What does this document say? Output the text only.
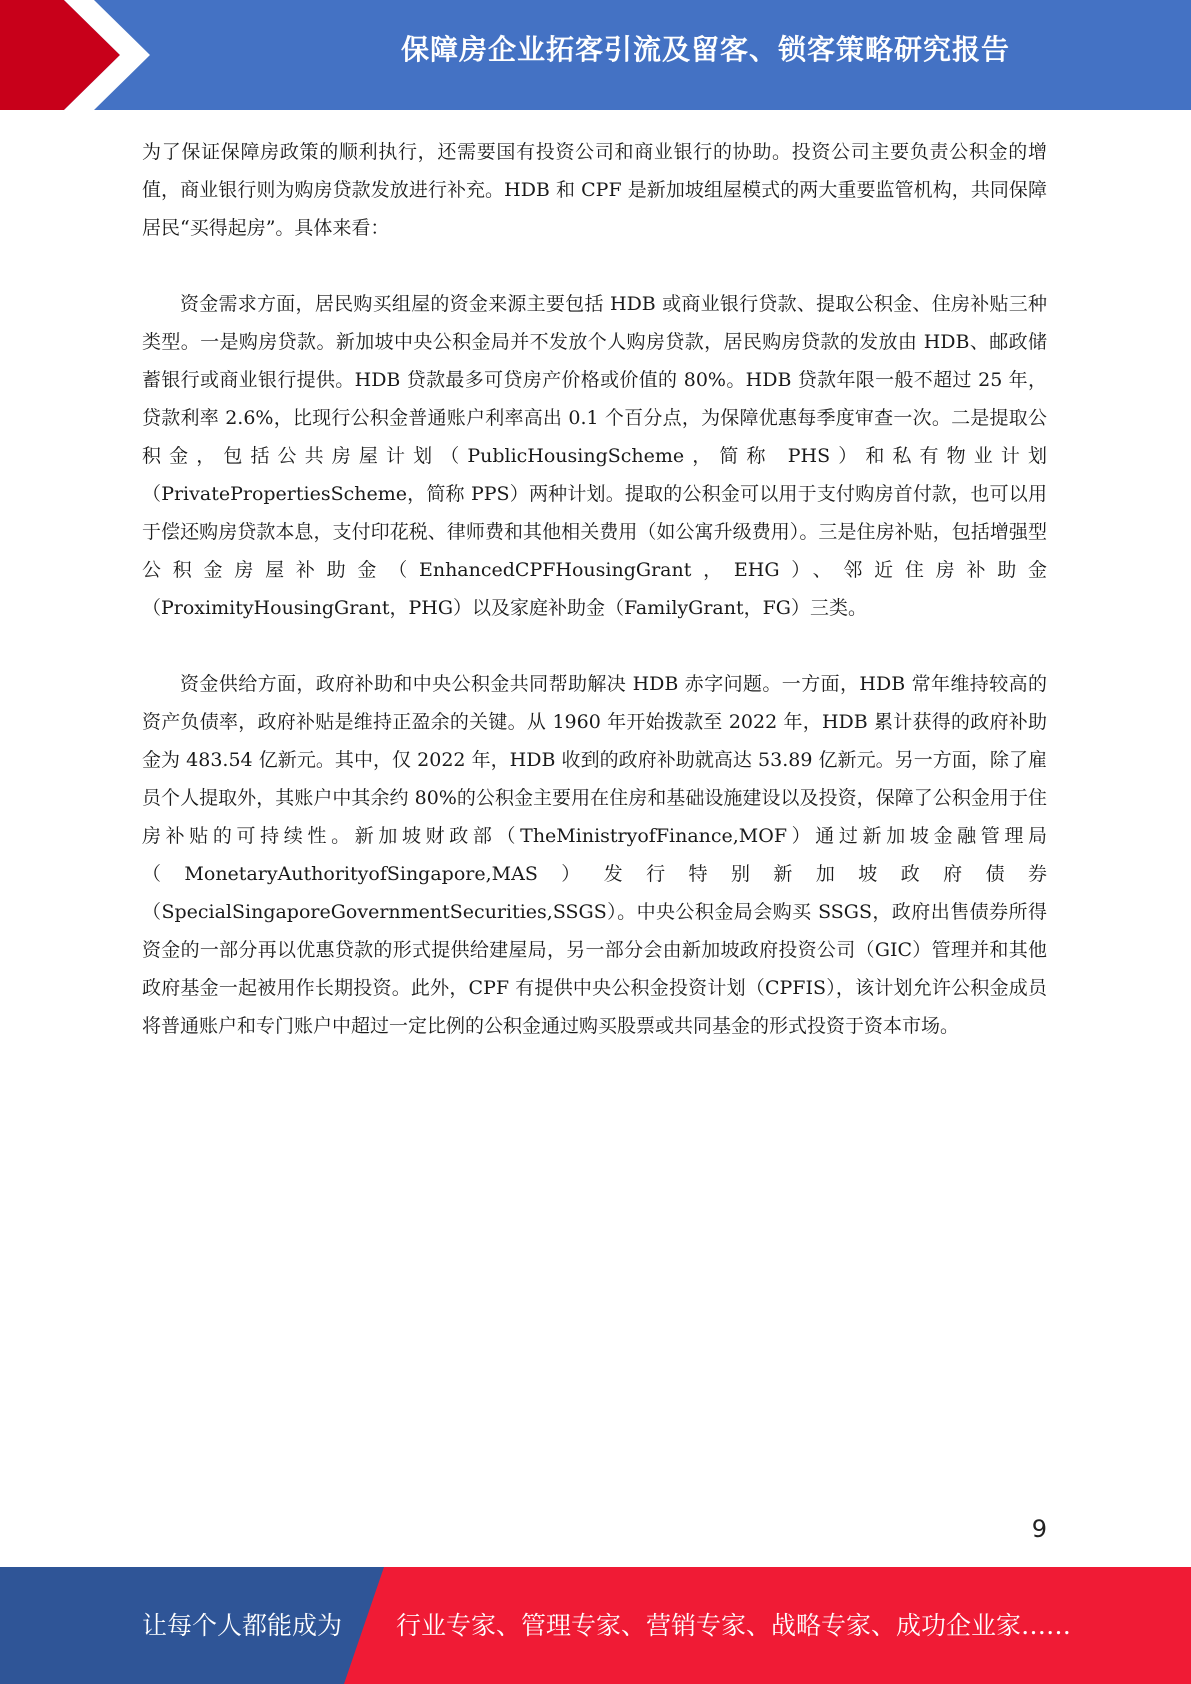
保障房企业拓客引流及留客、锁客策略研究报告

为了保证保障房政策的顺利执行，还需要国有投资公司和商业银行的协助。投资公司主要负责公积金的增值，商业银行则为购房贷款发放进行补充。HDB 和 CPF 是新加坡组屋模式的两大重要监管机构，共同保障居民“买得起房”。具体来看：

资金需求方面，居民购买组屋的资金来源主要包括 HDB 或商业银行贷款、提取公积金、住房补贴三种类型。一是购房贷款。新加坡中央公积金局并不发放个人购房贷款，居民购房贷款的发放由 HDB、邮政储蓄银行或商业银行提供。HDB 贷款最多可贷房产价格或价值的 80%。HDB 贷款年限一般不超过 25 年，贷款利率 2.6%，比现行公积金普通账户利率高出 0.1 个百分点，为保障优惠每季度审查一次。二是提取公积金，包括公共房屋计划（PublicHousingScheme，简称 PHS）和私有物业计划（PrivatePropertiesScheme，简称 PPS）两种计划。提取的公积金可以用于支付购房首付款，也可以用于偿还购房贷款本息，支付印花税、律师费和其他相关费用（如公寓升级费用）。三是住房补贴，包括增强型公积金房屋补助金（EnhancedCPFHousingGrant，EHG）、邻近住房补助金（ProximityHousingGrant，PHG）以及家庭补助金（FamilyGrant，FG）三类。

资金供给方面，政府补助和中央公积金共同帮助解决 HDB 赤字问题。一方面，HDB 常年维持较高的资产负债率，政府补贴是维持正盈余的关键。从 1960 年开始拨款至 2022 年，HDB 累计获得的政府补助金为 483.54 亿新元。其中，仅 2022 年，HDB 收到的政府补助就高达 53.89 亿新元。另一方面，除了雇员个人提取外，其账户中其余约 80%的公积金主要用在住房和基础设施建设以及投资，保障了公积金用于住房补贴的可持续性。新加坡财政部（TheMinistryofFinance,MOF）通过新加坡金融管理局（MonetaryAuthorityofSingapore,MAS）发行特别新加坡政府债券（SpecialSingaporeGovernmentSecurities,SSGS）。中央公积金局会购买 SSGS，政府出售债券所得资金的一部分再以优惠贷款的形式提供给建屋局，另一部分会由新加坡政府投资公司（GIC）管理并和其他政府基金一起被用作长期投资。此外，CPF 有提供中央公积金投资计划（CPFIS），该计划允许公积金成员将普通账户和专门账户中超过一定比例的公积金通过购买股票或共同基金的形式投资于资本市场。

9
让每个人都能成为 行业专家、管理专家、营销专家、战略专家、成功企业家……
